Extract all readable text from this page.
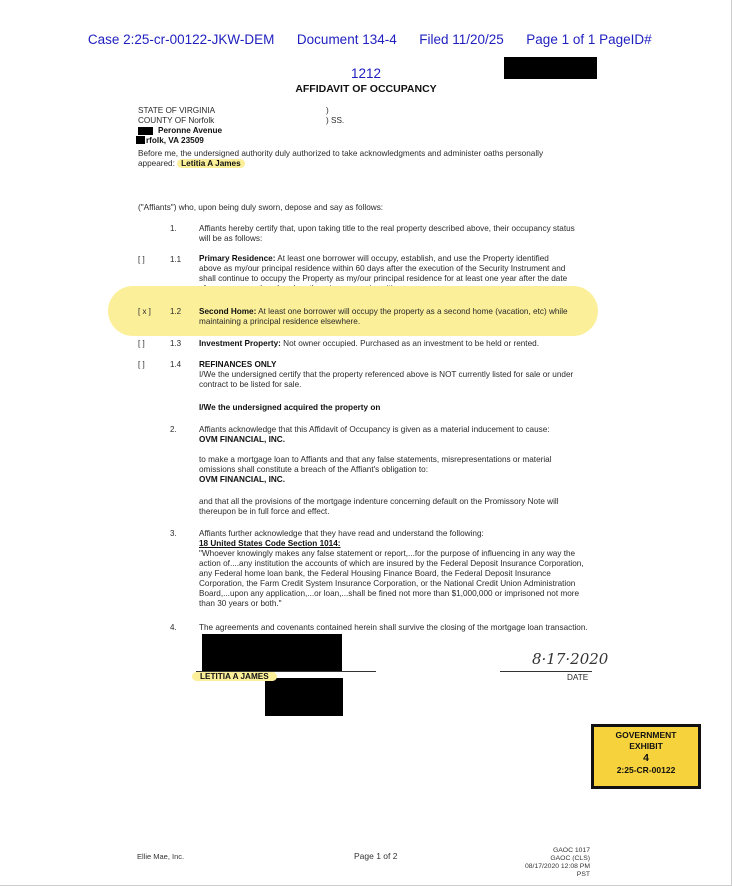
Case 2:25-cr-00122-JKW-DEM      Document 134-4      Filed 11/20/25      Page 1 of 1 PageID#

1212

AFFIDAVIT OF OCCUPANCY
STATE OF VIRGINIA
COUNTY OF Norfolk
Peronne Avenue
rfolk, VA 23509
)
) SS.
Before me, the undersigned authority duly authorized to take acknowledgments and administer oaths personally
appeared: Letitia A James
("Affiants") who, upon being duly sworn, depose and say as follows:
1.	Affiants hereby certify that, upon taking title to the real property described above, their occupancy status
will be as follows:
[ ]	1.1 Primary Residence: At least one borrower will occupy, establish, and use the Property identified
above as my/our principal residence within 60 days after the execution of the Security Instrument and
shall continue to occupy the Property as my/our principal residence for at least one year after the date
[ x ] 1.2 Second Home: At least one borrower will occupy the property as a second home (vacation, etc) while
maintaining a principal residence elsewhere.
[ ]	1.3 Investment Property: Not owner occupied. Purchased as an investment to be held or rented.
[ ]	1.4 REFINANCES ONLY
I/We the undersigned certify that the property referenced above is NOT currently listed for sale or under
contract to be listed for sale.
I/We the undersigned acquired the property on
2.	Affiants acknowledge that this Affidavit of Occupancy is given as a material inducement to cause:
OVM FINANCIAL, INC.
to make a mortgage loan to Affiants and that any false statements, misrepresentations or material
omissions shall constitute a breach of the Affiant's obligation to:
OVM FINANCIAL, INC.
and that all the provisions of the mortgage indenture concerning default on the Promissory Note will
thereupon be in full force and effect.
3.	Affiants further acknowledge that they have read and understand the following:
18 United States Code Section 1014:
"Whoever knowingly makes any false statement or report,...for the purpose of influencing in any way the
action of....any institution the accounts of which are insured by the Federal Deposit Insurance Corporation,
any Federal home loan bank, the Federal Housing Finance Board, the Federal Deposit Insurance
Corporation, the Farm Credit System Insurance Corporation, or the National Credit Union Administration
Board,...upon any application,...or loan,...shall be fined not more than $1,000,000 or imprisoned not more
than 30 years or both."
4.	The agreements and covenants contained herein shall survive the closing of the mortgage loan transaction.
LETITIA A JAMES
8·17·2020
DATE
GOVERNMENT
EXHIBIT
4
2:25-CR-00122
Ellie Mae, Inc.	Page 1 of 2
GAOC 1017
GAOC (CLS)
08/17/2020 12:08 PM PST
